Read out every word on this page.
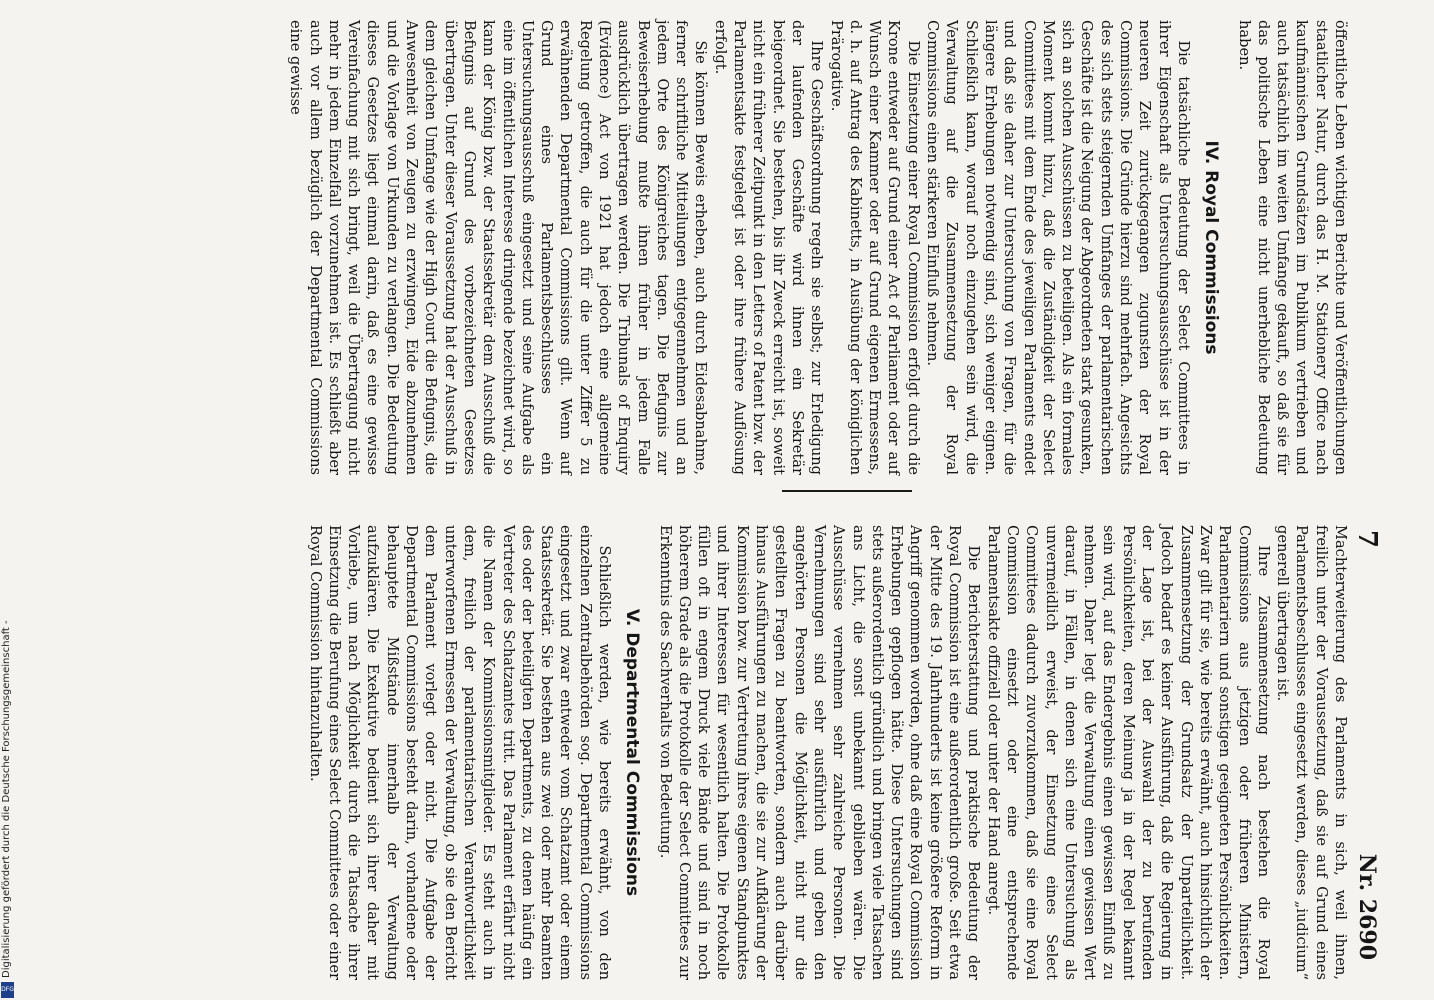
Digitalisierung gefördert durch die Deutsche Forschungsgemeinschaft -
DFG
7
Nr. 2690

öffentliche Leben wichtigen Berichte und Veröffentlichungen staatlicher Natur, durch das H. M. Stationery Office nach kaufmännischen Grundsätzen im Publikum vertrieben und auch tatsächlich im weiten Umfange gekauft, so daß sie für das politische Leben eine nicht unerhebliche Bedeutung haben.

IV. Royal Commissions

Die tatsächliche Bedeutung der Select Committees in ihrer Eigenschaft als Untersuchungsausschüsse ist in der neueren Zeit zurückgegangen zugunsten der Royal Commissions. Die Gründe hierzu sind mehrfach. Angesichts des sich stets steigernden Umfanges der parlamentarischen Geschäfte ist die Neigung der Abgeordneten stark gesunken, sich an solchen Ausschüssen zu beteiligen. Als ein formales Moment kommt hinzu, daß die Zuständigkeit der Select Committees mit dem Ende des jeweiligen Parlaments endet und daß sie daher zur Untersuchung von Fragen, für die längere Erhebungen notwendig sind, sich weniger eignen. Schließlich kann, worauf noch einzugehen sein wird, die Verwaltung auf die Zusammensetzung der Royal Commissions einen stärkeren Einfluß nehmen.

Die Einsetzung einer Royal Commission erfolgt durch die Krone entweder auf Grund einer Act of Parliament oder auf Wunsch einer Kammer oder auf Grund eigenen Ermessens, d. h. auf Antrag des Kabinetts, in Ausübung der königlichen Prärogative.

Ihre Geschäftsordnung regeln sie selbst; zur Erledigung der laufenden Geschäfte wird ihnen ein Sekretär beigeordnet. Sie bestehen, bis ihr Zweck erreicht ist, soweit nicht ein früherer Zeitpunkt in den Letters of Patent bzw. der Parlamentsakte festgelegt ist oder ihre frühere Auflösung erfolgt.

Sie können Beweis erheben, auch durch Eidesabnahme, ferner schriftliche Mitteilungen entgegennehmen und an jedem Orte des Königreiches tagen. Die Befugnis zur Beweiserhebung mußte ihnen früher in jedem Falle ausdrücklich übertragen werden. Die Tribunals of Enquiry (Evidence) Act von 1921 hat jedoch eine allgemeine Regelung getroffen, die auch für die unter Ziffer 5 zu erwähnenden Departmental Commissions gilt. Wenn auf Grund eines Parlamentsbeschlusses ein Untersuchungsausschuß eingesetzt und seine Aufgabe als eine im öffentlichen Interesse dringende bezeichnet wird, so kann der König bzw. der Staatssekretär dem Ausschuß die Befugnis auf Grund des vorbezeichneten Gesetzes übertragen. Unter dieser Voraussetzung hat der Ausschuß in dem gleichen Umfange wie der High Court die Befugnis, die Anwesenheit von Zeugen zu erzwingen, Eide abzunehmen und die Vorlage von Urkunden zu verlangen. Die Bedeutung dieses Gesetzes liegt einmal darin, daß es eine gewisse Vereinfachung mit sich bringt, weil die Übertragung nicht mehr in jedem Einzelfall vorzunehmen ist. Es schließt aber auch vor allem bezüglich der Departmental Commissions eine gewisse

Machterweiterung des Parlaments in sich, weil ihnen, freilich unter der Voraussetzung, daß sie auf Grund eines Parlamentsbeschlusses eingesetzt werden, dieses „iudicium“ generell übertragen ist.

Ihre Zusammensetzung nach bestehen die Royal Commissions aus jetzigen oder früheren Ministern, Parlamentariern und sonstigen geeigneten Persönlichkeiten. Zwar gilt für sie, wie bereits erwähnt, auch hinsichtlich der Zusammensetzung der Grundsatz der Unparteilichkeit. Jedoch bedarf es keiner Ausführung, daß die Regierung in der Lage ist, bei der Auswahl der zu berufenden Persönlichkeiten, deren Meinung ja in der Regel bekannt sein wird, auf das Endergebnis einen gewissen Einfluß zu nehmen. Daher legt die Verwaltung einen gewissen Wert darauf, in Fällen, in denen sich eine Untersuchung als unvermeidlich erweist, der Einsetzung eines Select Committees dadurch zuvorzukommen, daß sie eine Royal Commission einsetzt oder eine entsprechende Parlamentsakte offiziell oder unter der Hand anregt.

Die Berichterstattung und praktische Bedeutung der Royal Commission ist eine außerordentlich große. Seit etwa der Mitte des 19. Jahrhunderts ist keine größere Reform in Angriff genommen worden, ohne daß eine Royal Commission Erhebungen gepflogen hätte. Diese Untersuchungen sind stets außerordentlich gründlich und bringen viele Tatsachen ans Licht, die sonst unbekannt geblieben wären. Die Ausschüsse vernehmen sehr zahlreiche Personen. Die Vernehmungen sind sehr ausführlich und geben den angehörten Personen die Möglichkeit, nicht nur die gestellten Fragen zu beantworten, sondern auch darüber hinaus Ausführungen zu machen, die sie zur Aufklärung der Kommission bzw. zur Vertretung ihres eigenen Standpunktes und ihrer Interessen für wesentlich halten. Die Protokolle füllen oft in engem Druck viele Bände und sind in noch höherem Grade als die Protokolle der Select Committees zur Erkenntnis des Sachverhalts von Bedeutung.

V. Departmental Commissions

Schließlich werden, wie bereits erwähnt, von den einzelnen Zentralbehörden sog. Departmental Commissions eingesetzt und zwar entweder vom Schatzamt oder einem Staatssekretär. Sie bestehen aus zwei oder mehr Beamten des oder der beteiligten Departments, zu denen häufig ein Vertreter des Schatzamtes tritt. Das Parlament erfährt nicht die Namen der Kommissionsmitglieder. Es steht auch in dem, freilich der parlamentarischen Verantwortlichkeit unterworfenen Ermessen der Verwaltung, ob sie den Bericht dem Parlament vorlegt oder nicht. Die Aufgabe der Departmental Commissions besteht darin, vorhandene oder behauptete Mißstände innerhalb der Verwaltung aufzuklären. Die Exekutive bedient sich ihrer daher mit Vorliebe, um nach Möglichkeit durch die Tatsache ihrer Einsetzung die Berufung eines Select Committees oder einer Royal Commission hintanzuhalten.
